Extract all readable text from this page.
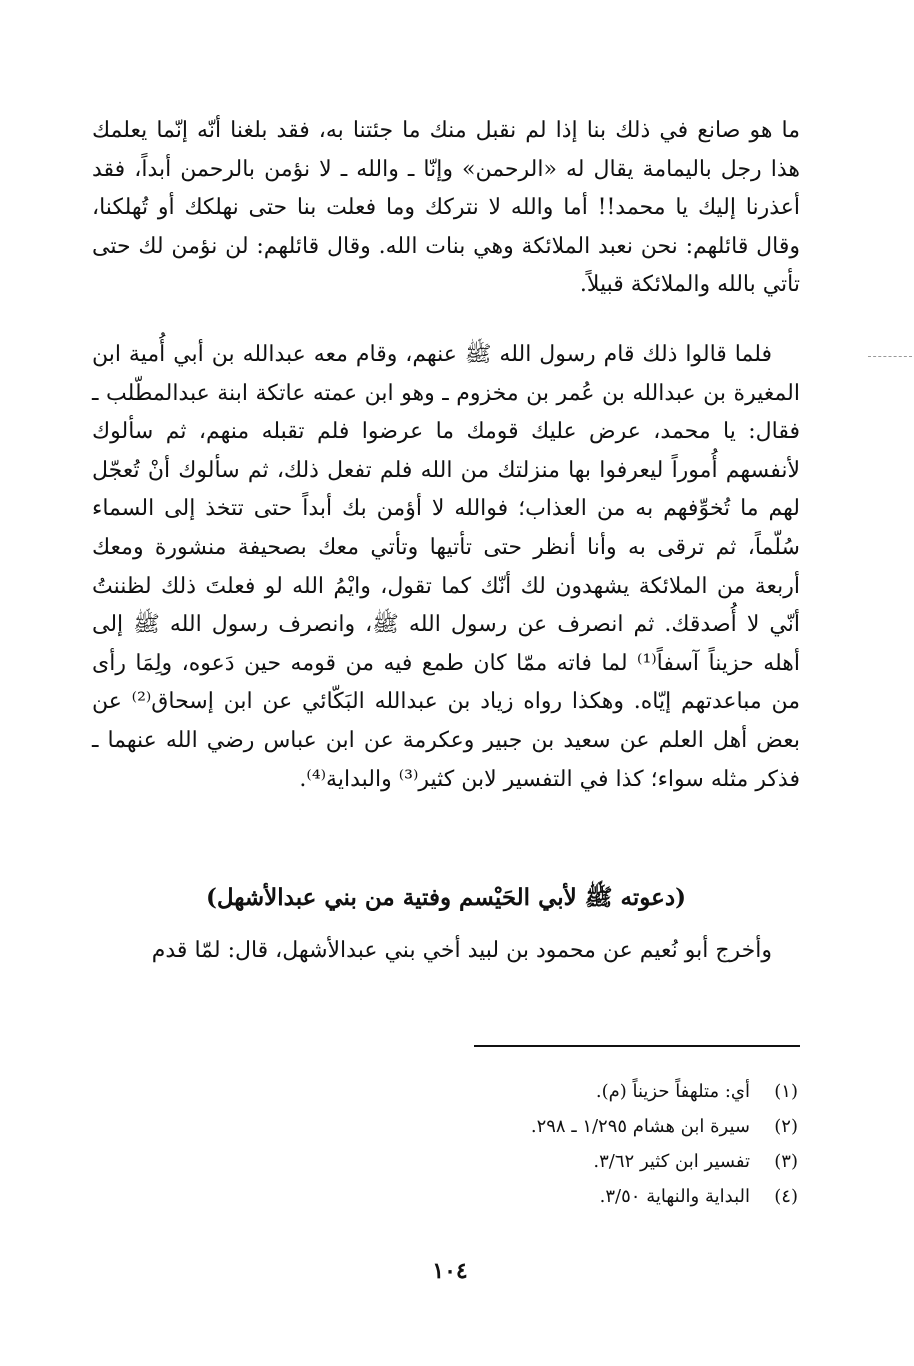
ما هو صانع في ذلك بنا إذا لم نقبل منك ما جئتنا به، فقد بلغنا أنّه إنّما يعلمك هذا رجل باليمامة يقال له «الرحمن» وإنّا ـ والله ـ لا نؤمن بالرحمن أبداً، فقد أعذرنا إليك يا محمد!! أما والله لا نتركك وما فعلت بنا حتى نهلكك أو تُهلكنا، وقال قائلهم: نحن نعبد الملائكة وهي بنات الله. وقال قائلهم: لن نؤمن لك حتى تأتي بالله والملائكة قبيلاً.

فلما قالوا ذلك قام رسول الله ﷺ عنهم، وقام معه عبدالله بن أبي أُمية ابن المغيرة بن عبدالله بن عُمر بن مخزوم ـ وهو ابن عمته عاتكة ابنة عبدالمطّلب ـ فقال: يا محمد، عرض عليك قومك ما عرضوا فلم تقبله منهم، ثم سألوك لأنفسهم أُموراً ليعرفوا بها منزلتك من الله فلم تفعل ذلك، ثم سألوك أنْ تُعجّل لهم ما تُخوِّفهم به من العذاب؛ فوالله لا أؤمن بك أبداً حتى تتخذ إلى السماء سُلّماً، ثم ترقى به وأنا أنظر حتى تأتيها وتأتي معك بصحيفة منشورة ومعك أربعة من الملائكة يشهدون لك أنّك كما تقول، وايْمُ الله لو فعلتَ ذلك لظننتُ أنّي لا أُصدقك. ثم انصرف عن رسول الله ﷺ، وانصرف رسول الله ﷺ إلى أهله حزيناً آسفاً⁽¹⁾ لما فاته ممّا كان طمع فيه من قومه حين دَعوه، ولِمَا رأى من مباعدتهم إيّاه. وهكذا رواه زياد بن عبدالله البَكّائي عن ابن إسحاق⁽²⁾ عن بعض أهل العلم عن سعيد بن جبير وعكرمة عن ابن عباس رضي الله عنهما ـ فذكر مثله سواء؛ كذا في التفسير لابن كثير⁽³⁾ والبداية⁽⁴⁾.

(دعوته ﷺ لأبي الحَيْسم وفتية من بني عبدالأشهل)

وأخرج أبو نُعيم عن محمود بن لبيد أخي بني عبدالأشهل، قال: لمّا قدم

(١)
أي: متلهفاً حزيناً (م).
(٢)
سيرة ابن هشام ١/٢٩٥ ـ ٢٩٨.
(٣)
تفسير ابن كثير ٣/٦٢.
(٤)
البداية والنهاية ٣/٥٠.
١٠٤
